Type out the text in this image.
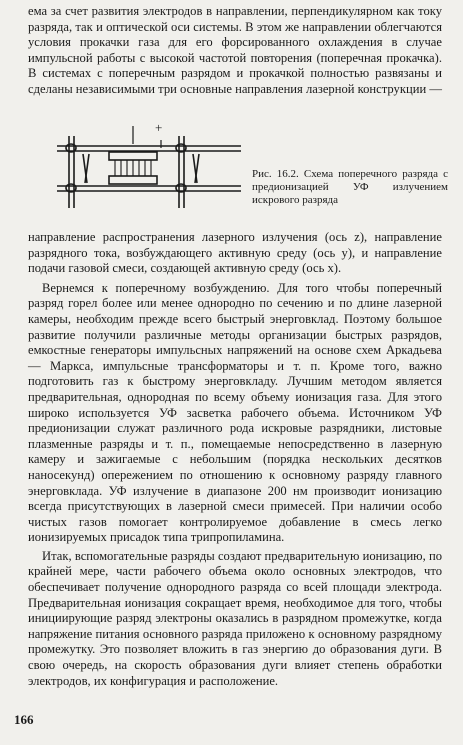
ема за счет развития электродов в направлении, перпендикулярном как току разряда, так и оптической оси системы. В этом же направлении облегчаются условия прокачки газа для его форсированного охлаждения в случае импульсной работы с высокой частотой повторения (поперечная прокачка). В системах с поперечным разрядом и прокачкой полностью развязаны и сделаны независимыми три основные направления лазерной конструкции —

+
Рис. 16.2. Схема поперечного разряда с предионизацией УФ излучением искрового разряда

направление распространения лазерного излучения (ось z), направление разрядного тока, возбуждающего активную среду (ось y), и направление подачи газовой смеси, создающей активную среду (ось x).

Вернемся к поперечному возбуждению. Для того чтобы поперечный разряд горел более или менее однородно по сечению и по длине лазерной камеры, необходим прежде всего быстрый энерговклад. Поэтому большое развитие получили различные методы организации быстрых разрядов, емкостные генераторы импульсных напряжений на основе схем Аркадьева — Маркса, импульсные трансформаторы и т. п. Кроме того, важно подготовить газ к быстрому энерговкладу. Лучшим методом является предварительная, однородная по всему объему ионизация газа. Для этого широко используется УФ засветка рабочего объема. Источником УФ предионизации служат различного рода искровые разрядники, листовые плазменные разряды и т. п., помещаемые непосредственно в лазерную камеру и зажигаемые с небольшим (порядка нескольких десятков наносекунд) опережением по отношению к основному разряду главного энерговклада. УФ излучение в диапазоне 200 нм производит ионизацию всегда присутствующих в лазерной смеси примесей. При наличии особо чистых газов помогает контролируемое добавление в смесь легко ионизируемых присадок типа трипропиламина.

Итак, вспомогательные разряды создают предварительную ионизацию, по крайней мере, части рабочего объема около основных электродов, что обеспечивает получение однородного разряда со всей площади электрода. Предварительная ионизация сокращает время, необходимое для того, чтобы инициирующие разряд электроны оказались в разрядном промежутке, когда напряжение питания основного разряда приложено к основному разрядному промежутку. Это позволяет вложить в газ энергию до образования дуги. В свою очередь, на скорость образования дуги влияет степень обработки электродов, их конфигурация и расположение.

166
